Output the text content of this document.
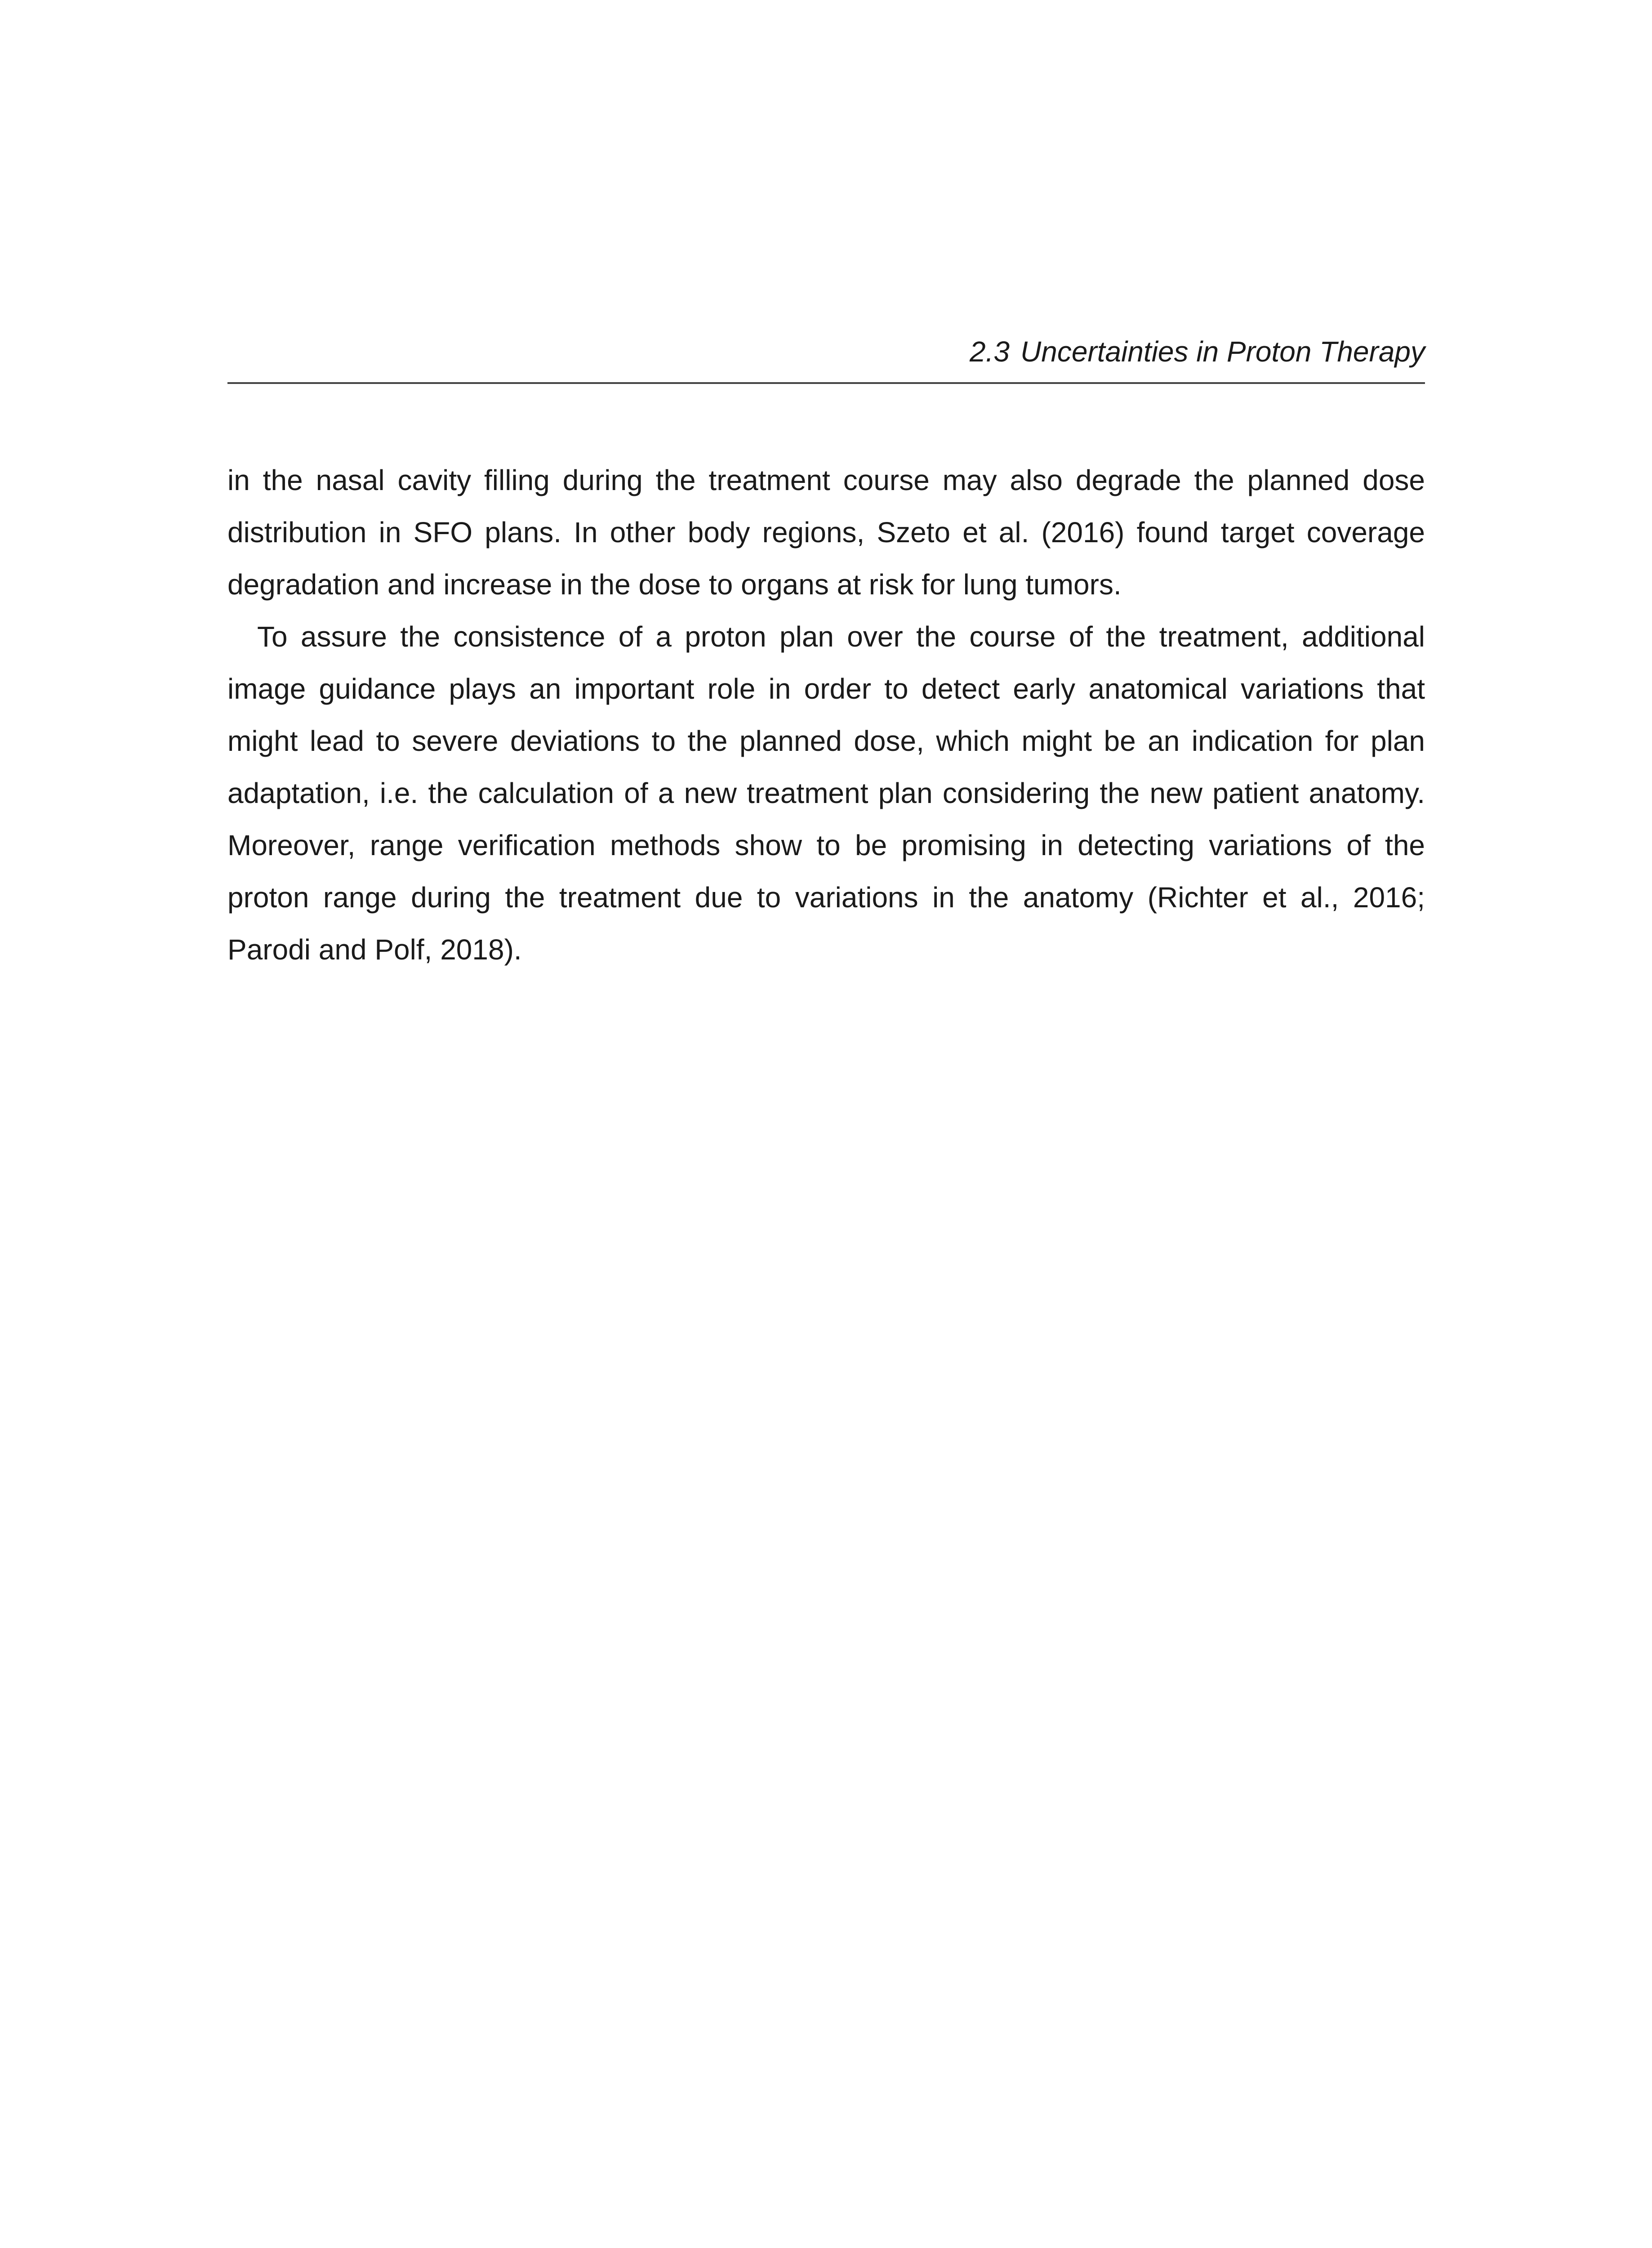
2.3 Uncertainties in Proton Therapy

in the nasal cavity filling during the treatment course may also degrade the planned dose distribution in SFO plans. In other body regions, Szeto et al. (2016) found target coverage degradation and increase in the dose to organs at risk for lung tumors.

To assure the consistence of a proton plan over the course of the treatment, additional image guidance plays an important role in order to detect early anatomical variations that might lead to severe deviations to the planned dose, which might be an indication for plan adaptation, i.e. the calculation of a new treatment plan considering the new patient anatomy. Moreover, range verification methods show to be promising in detecting variations of the proton range during the treatment due to variations in the anatomy (Richter et al., 2016; Parodi and Polf, 2018).
